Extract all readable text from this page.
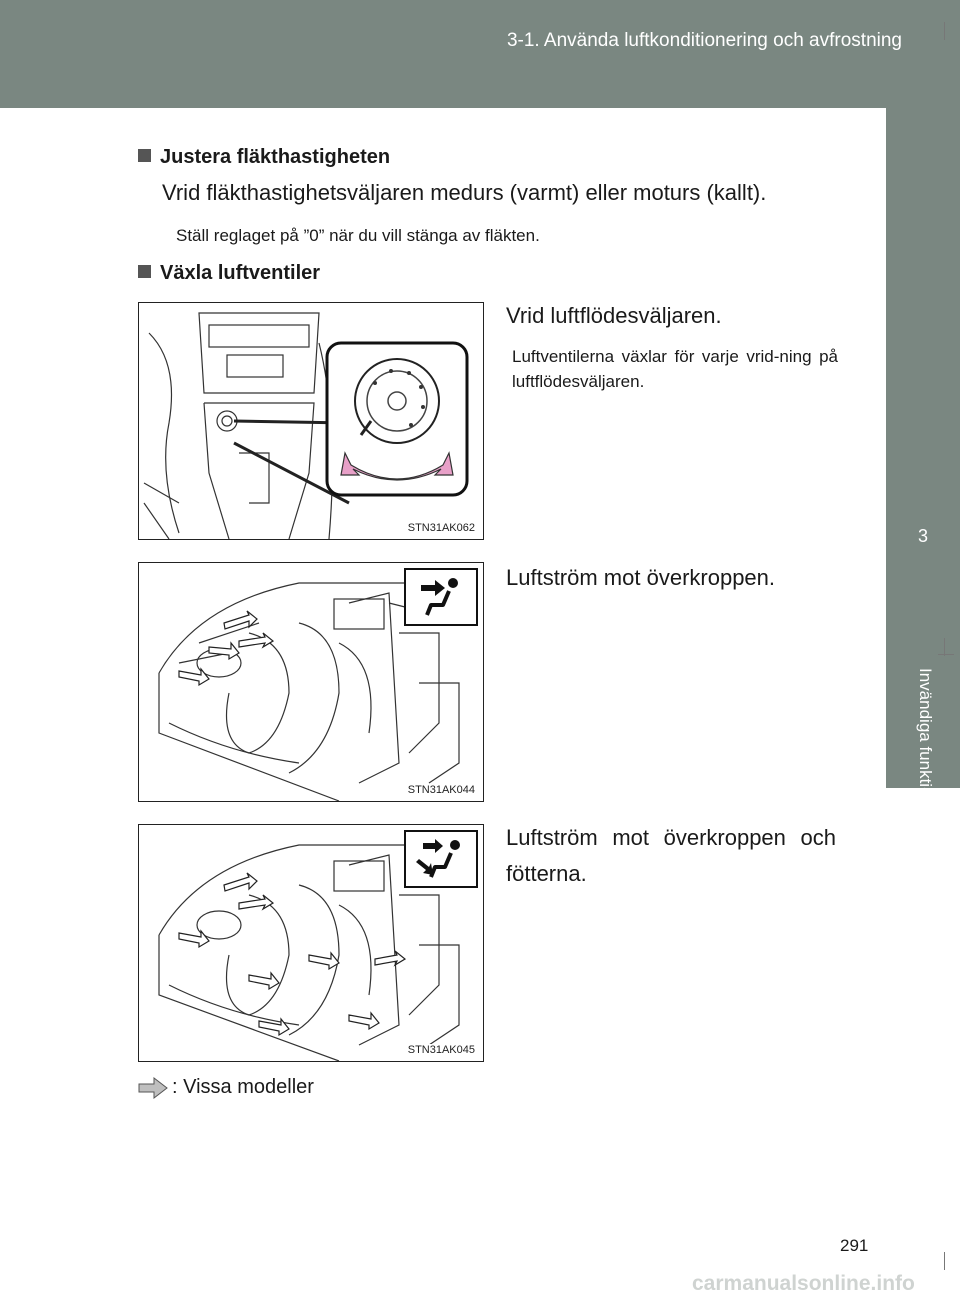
3-1. Använda luftkonditionering och avfrostning
3
Invändiga funktioner
Justera fläkthastigheten
Vrid fläkthastighetsväljaren medurs (varmt) eller moturs (kallt).
Ställ reglaget på ”0” när du vill stänga av fläkten.
Växla luftventiler
STN31AK062
Vrid luftflödesväljaren.
Luftventilerna växlar för varje vrid-ning på luftflödesväljaren.
STN31AK044
Luftström mot överkroppen.
STN31AK045
Luftström mot överkroppen och fötterna.
: Vissa modeller
291
carmanualsonline.info
